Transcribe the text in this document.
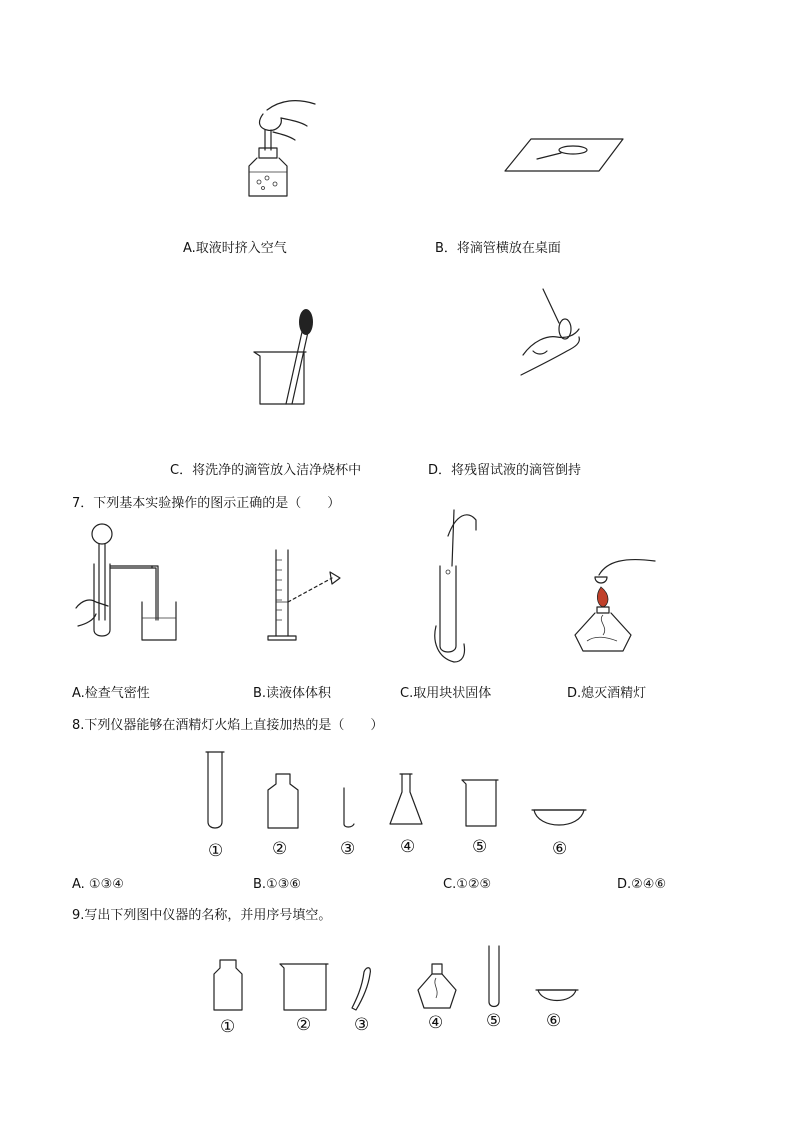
A.取液时挤入空气	B．将滴管横放在桌面
C．将洗净的滴管放入洁净烧杯中	D．将残留试液的滴管倒持
7．下列基本实验操作的图示正确的是（　　）
A.检查气密性	B.读液体体积	C.取用块状固体	D.熄灭酒精灯
8.下列仪器能够在酒精灯火焰上直接加热的是（　　）
①	②	③	④	⑤	⑥
A. ①③④	B.①③⑥	C.①②⑤	D.②④⑥
9.写出下列图中仪器的名称，并用序号填空。
①	②	③	④	⑤	⑥
